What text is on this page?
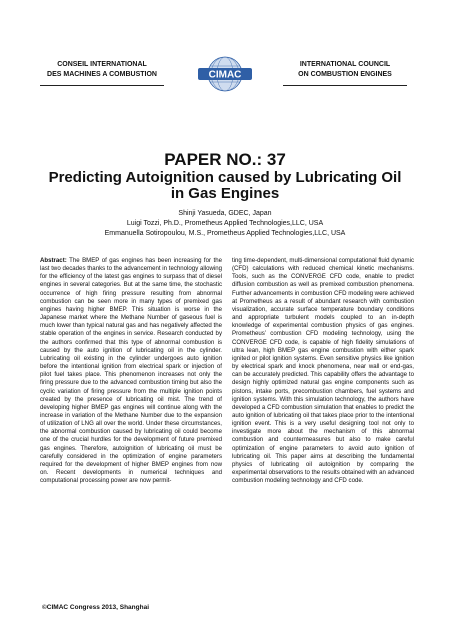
CONSEIL INTERNATIONAL
DES MACHINES A COMBUSTION	CIMAC
INTERNATIONAL COUNCIL
ON COMBUSTION ENGINES
PAPER NO.: 37
Predicting Autoignition caused by Lubricating Oil in Gas Engines
Shinji Yasueda, GDEC, Japan
Luigi Tozzi, Ph.D., Prometheus Applied Technologies,LLC, USA
Emmanuella Sotiropoulou, M.S., Prometheus Applied Technologies,LLC, USA
Abstract: The BMEP of gas engines has been increasing for the last two decades thanks to the advancement in technology allowing for the efficiency of the latest gas engines to surpass that of diesel engines in several categories. But at the same time, the stochastic occurrence of high firing pressure resulting from abnormal combustion can be seen more in many types of premixed gas engines having higher BMEP. This situation is worse in the Japanese market where the Methane Number of gaseous fuel is much lower than typical natural gas and has negatively affected the stable operation of the engines in service. Research conducted by the authors confirmed that this type of abnormal combustion is caused by the auto ignition of lubricating oil in the cylinder. Lubricating oil existing in the cylinder undergoes auto ignition before the intentional ignition from electrical spark or injection of pilot fuel takes place. This phenomenon increases not only the firing pressure due to the advanced combustion timing but also the cyclic variation of firing pressure from the multiple ignition points created by the presence of lubricating oil mist. The trend of developing higher BMEP gas engines will continue along with the increase in variation of the Methane Number due to the expansion of utilization of LNG all over the world. Under these circumstances, the abnormal combustion caused by lubricating oil could become one of the crucial hurdles for the development of future premixed gas engines. Therefore, autoignition of lubricating oil must be carefully considered in the optimization of engine parameters required for the development of higher BMEP engines from now on. Recent developments in numerical techniques and computational processing power are now permit-
ting time-dependent, multi-dimensional computational fluid dynamic (CFD) calculations with reduced chemical kinetic mechanisms. Tools, such as the CONVERGE CFD code, enable to predict diffusion combustion as well as premixed combustion phenomena. Further advancements in combustion CFD modeling were achieved at Prometheus as a result of abundant research with combustion visualization, accurate surface temperature boundary conditions and appropriate turbulent models coupled to an in-depth knowledge of experimental combustion physics of gas engines. Prometheus’ combustion CFD modeling technology, using the CONVERGE CFD code, is capable of high fidelity simulations of ultra lean, high BMEP gas engine combustion with either spark ignited or pilot ignition systems. Even sensitive physics like ignition by electrical spark and knock phenomena, near wall or end-gas, can be accurately predicted. This capability offers the advantage to design highly optimized natural gas engine components such as pistons, intake ports, precombustion chambers, fuel systems and ignition systems. With this simulation technology, the authors have developed a CFD combustion simulation that enables to predict the auto ignition of lubricating oil that takes place prior to the intentional ignition event. This is a very useful designing tool not only to investigate more about the mechanism of this abnormal combustion and countermeasures but also to make careful optimization of engine parameters to avoid auto ignition of lubricating oil. This paper aims at describing the fundamental physics of lubricating oil autoignition by comparing the experimental observations to the results obtained with an advanced combustion modeling technology and CFD code.
©CIMAC Congress 2013, Shanghai
